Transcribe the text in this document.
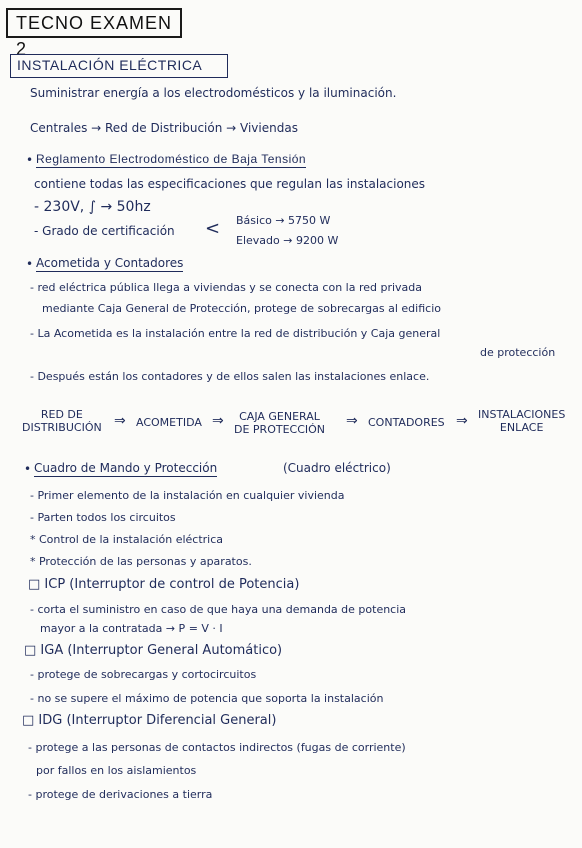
TECNO EXAMEN 2
INSTALACIÓN ELÉCTRICA
Suministrar energía a los electrodomésticos y la iluminación.
Centrales → Red de Distribución → Viviendas
• Reglamento Electrodoméstico de Baja Tensión
contiene todas las especificaciones que regulan las instalaciones
- 230V, ∫ → 50hz
- Grado de certificación < Básico → 5750 W
Elevado → 9200 W
• Acometida y Contadores
- red eléctrica pública llega a viviendas y se conecta con la red privada
mediante Caja General de Protección, protege de sobrecargas al edificio
- La Acometida es la instalación entre la red de distribución y Caja general
de protección
- Después están los contadores y de ellos salen las instalaciones enlace.
RED DE
DISTRIBUCIÓN ⇒ ACOMETIDA ⇒	CAJA GENERAL
DE PROTECCIÓN
⇒ CONTADORES ⇒ INSTALACIONES
ENLACE
• Cuadro de Mando y Protección	(Cuadro eléctrico)
- Primer elemento de la instalación en cualquier vivienda
- Parten todos los circuitos
* Control de la instalación eléctrica
* Protección de las personas y aparatos.
□ ICP (Interruptor de control de Potencia)
- corta el suministro en caso de que haya una demanda de potencia
mayor a la contratada → P = V · I
□ IGA (Interruptor General Automático)
- protege de sobrecargas y cortocircuitos
- no se supere el máximo de potencia que soporta la instalación
□ IDG (Interruptor Diferencial General)
- protege a las personas de contactos indirectos (fugas de corriente)
por fallos en los aislamientos
- protege de derivaciones a tierra
